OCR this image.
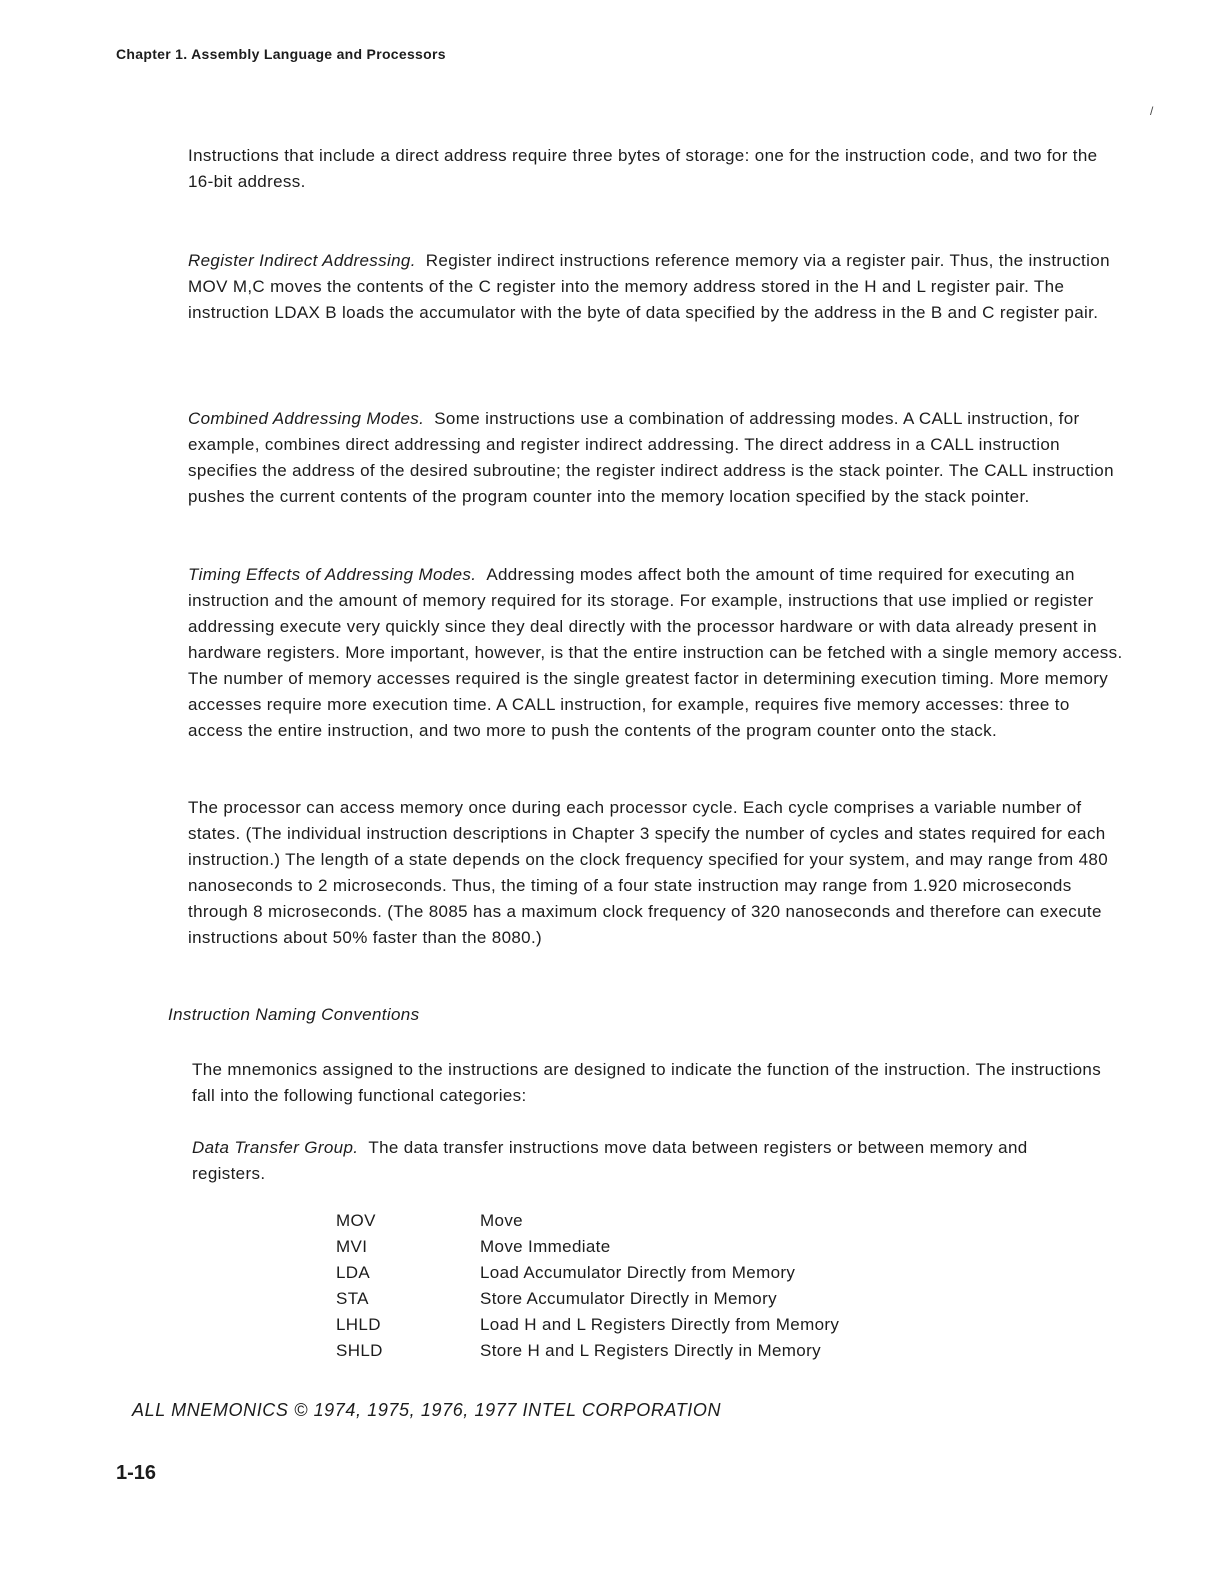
Chapter 1. Assembly Language and Processors
/

Instructions that include a direct address require three bytes of storage: one for the instruction code, and two for the 16-bit address.

Register Indirect Addressing. Register indirect instructions reference memory via a register pair. Thus, the instruction MOV M,C moves the contents of the C register into the memory address stored in the H and L register pair. The instruction LDAX B loads the accumulator with the byte of data specified by the address in the B and C register pair.

Combined Addressing Modes. Some instructions use a combination of addressing modes. A CALL instruction, for example, combines direct addressing and register indirect addressing. The direct address in a CALL instruction specifies the address of the desired subroutine; the register indirect address is the stack pointer. The CALL instruction pushes the current contents of the program counter into the memory location specified by the stack pointer.

Timing Effects of Addressing Modes. Addressing modes affect both the amount of time required for executing an instruction and the amount of memory required for its storage. For example, instructions that use implied or register addressing execute very quickly since they deal directly with the processor hardware or with data already present in hardware registers. More important, however, is that the entire instruction can be fetched with a single memory access. The number of memory accesses required is the single greatest factor in determining execution timing. More memory accesses require more execution time. A CALL instruction, for example, requires five memory accesses: three to access the entire instruction, and two more to push the contents of the program counter onto the stack.

The processor can access memory once during each processor cycle. Each cycle comprises a variable number of states. (The individual instruction descriptions in Chapter 3 specify the number of cycles and states required for each instruction.) The length of a state depends on the clock frequency specified for your system, and may range from 480 nanoseconds to 2 microseconds. Thus, the timing of a four state instruction may range from 1.920 microseconds through 8 microseconds. (The 8085 has a maximum clock frequency of 320 nanoseconds and therefore can execute instructions about 50% faster than the 8080.)

Instruction Naming Conventions

The mnemonics assigned to the instructions are designed to indicate the function of the instruction. The instructions fall into the following functional categories:

Data Transfer Group. The data transfer instructions move data between registers or between memory and registers.

MOV	Move
MVI	Move Immediate
LDA	Load Accumulator Directly from Memory
STA	Store Accumulator Directly in Memory
LHLD	Load H and L Registers Directly from Memory
SHLD	Store H and L Registers Directly in Memory
ALL MNEMONICS © 1974, 1975, 1976, 1977 INTEL CORPORATION
1-16
